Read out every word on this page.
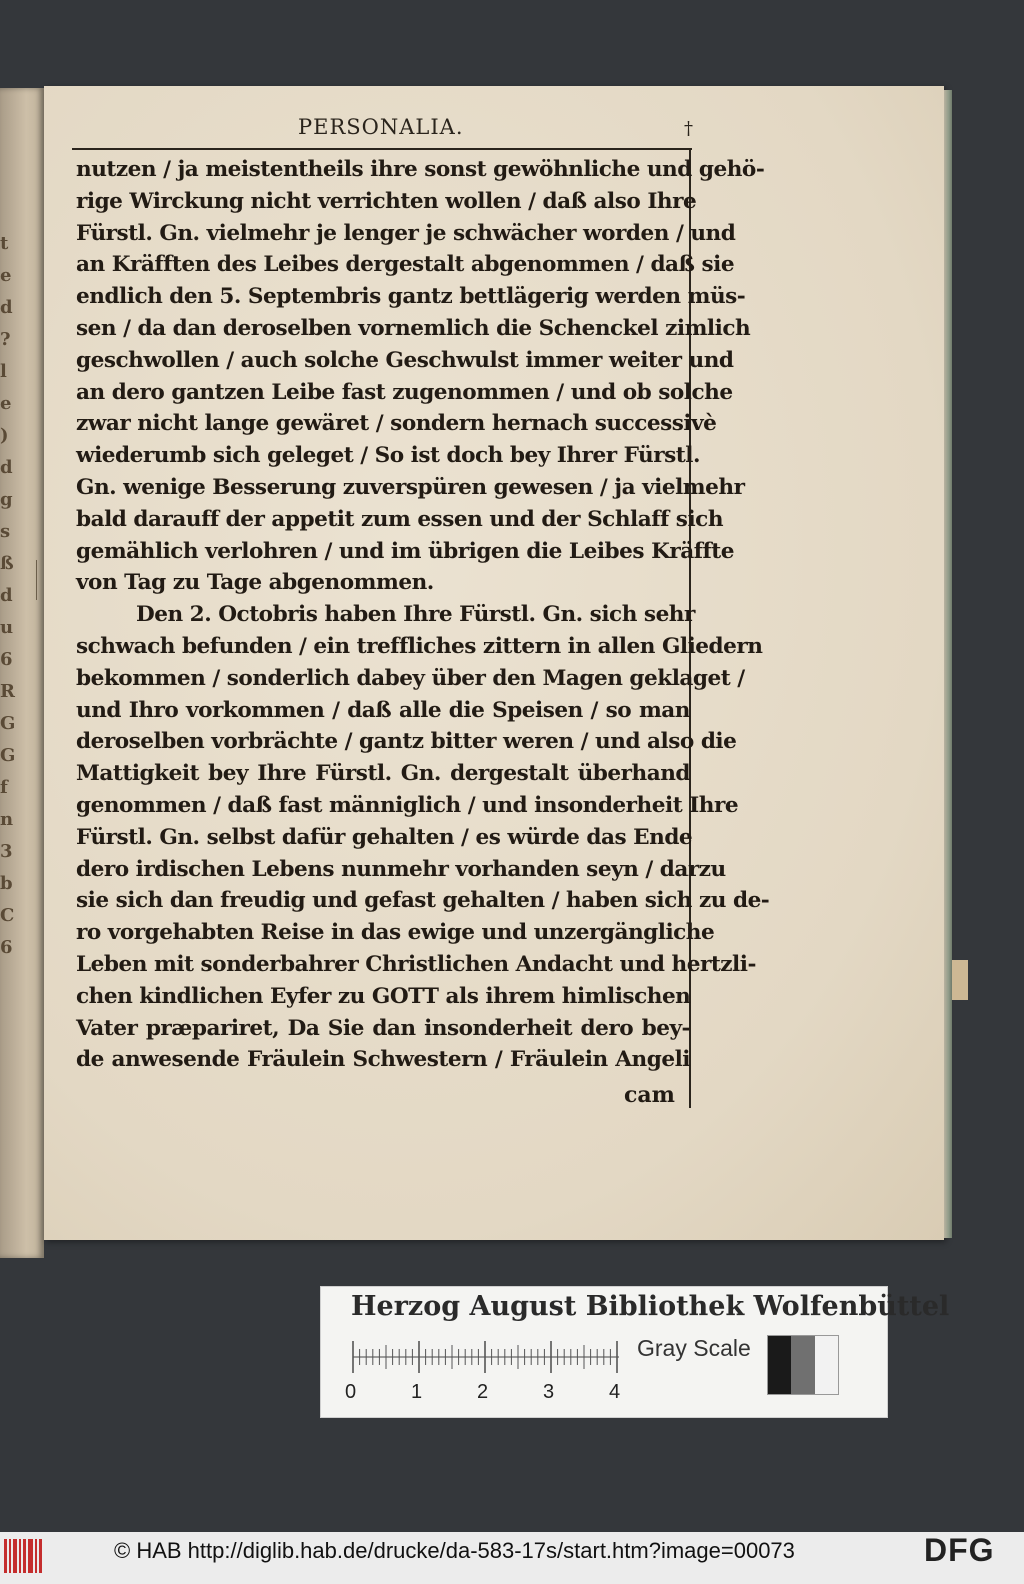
t
e
d
?
l
e
)
d
g
s
ß
d
u
6
R
G
G
f
n
3
b
C
6
PERSONALIA.	†
nutzen / ja meistentheils ihre sonst gewöhnliche und gehö-
rige Wirckung nicht verrichten wollen / daß also Ihre
Fürstl. Gn. vielmehr je lenger je schwächer worden / und
an Kräfften des Leibes dergestalt abgenommen / daß sie
endlich den 5. Septembris gantz bettlägerig werden müs-
sen / da dan deroselben vornemlich die Schenckel zimlich
geschwollen / auch solche Geschwulst immer weiter und
an dero gantzen Leibe fast zugenommen / und ob solche
zwar nicht lange gewäret / sondern hernach successivè
wiederumb sich geleget / So ist doch bey Ihrer Fürstl.
Gn. wenige Besserung zuverspüren gewesen / ja vielmehr
bald darauff der appetit zum essen und der Schlaff sich
gemählich verlohren / und im übrigen die Leibes Kräffte
von Tag zu Tage abgenommen.
Den 2. Octobris haben Ihre Fürstl. Gn. sich sehr
schwach befunden / ein treffliches zittern in allen Gliedern
bekommen / sonderlich dabey über den Magen geklaget /
und Ihro vorkommen / daß alle die Speisen / so man
deroselben vorbrächte / gantz bitter weren / und also die
Mattigkeit bey Ihre Fürstl. Gn. dergestalt überhand
genommen / daß fast männiglich / und insonderheit Ihre
Fürstl. Gn. selbst dafür gehalten / es würde das Ende
dero irdischen Lebens nunmehr vorhanden seyn / darzu
sie sich dan freudig und gefast gehalten / haben sich zu de-
ro vorgehabten Reise in das ewige und unzergängliche
Leben mit sonderbahrer Christlichen Andacht und hertzli-
chen kindlichen Eyfer zu GOTT als ihrem himlischen
Vater præpariret, Da Sie dan insonderheit dero bey-
de anwesende Fräulein Schwestern / Fräulein Angeli
cam
Herzog August Bibliothek Wolfenbüttel
0	1	2	3	4
Gray Scale
© HAB http://diglib.hab.de/drucke/da-583-17s/start.htm?image=00073	DFG
